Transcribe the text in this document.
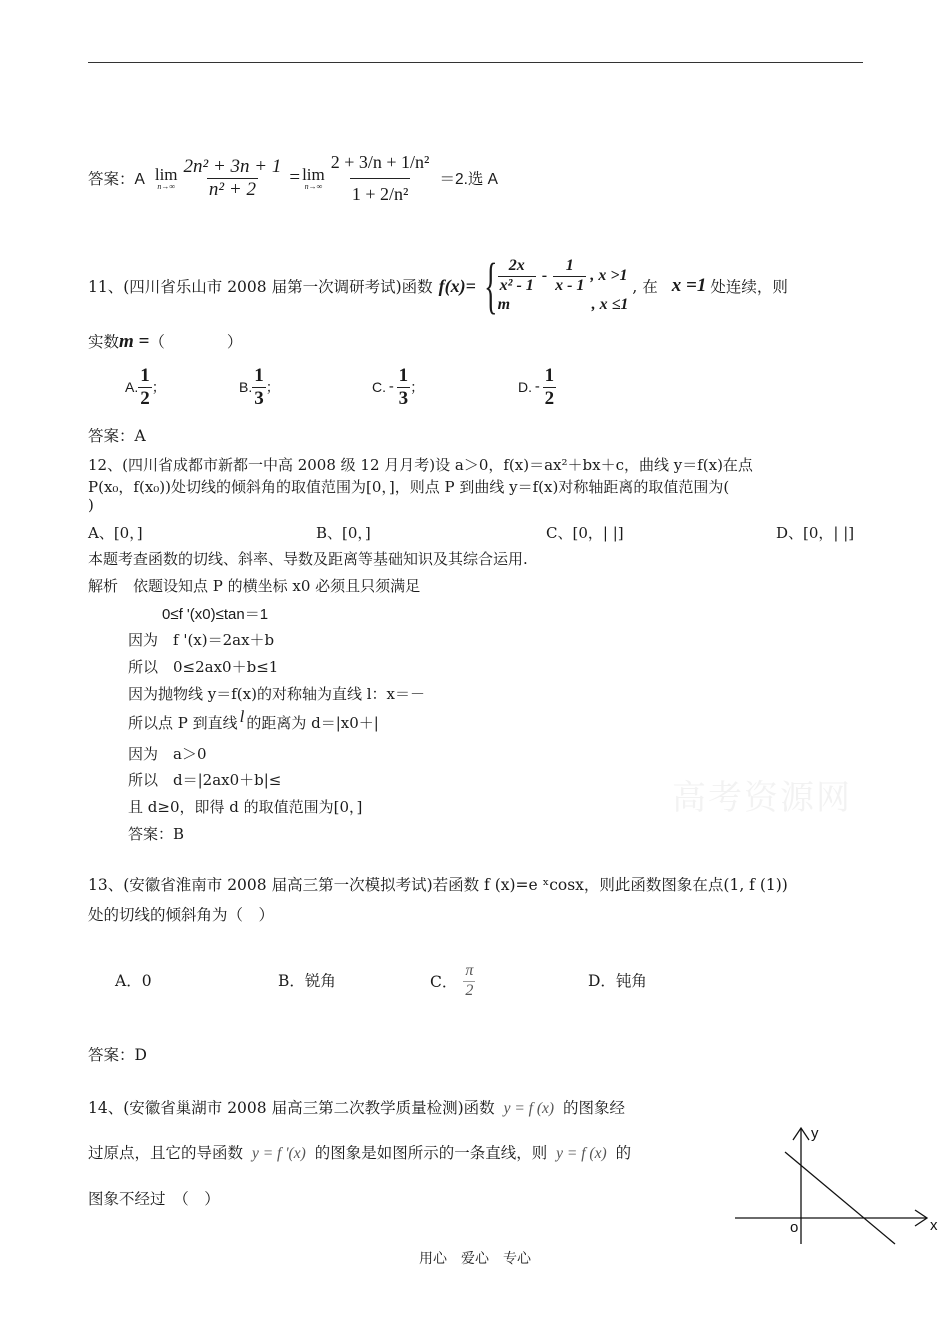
答案：A lim
$n\to\infty \frac{\text{2n² + 3n + 1}}{\text{n² + 2}} = \lim$
$n\to\infty \frac{\text{2 + 3/n + 1/n²}}{\text{1 + 2/n²}} =2$.选 A
11、(四川省乐山市 2008 届第一次调研考试)函数 f(x)= { $\frac{2x}{\text{x² - 1}} - \frac{1}{x - 1}$ , x >1
m	, x ≤1
, 在 x =1 处连续，则
实数m =（　　　　）
A. $\frac{1}{2}$ ；	B. $\frac{1}{3}$ ；	C. - $\frac{1}{3}$ ；	D. - $\frac{1}{2}$
答案：A
12、(四川省成都市新都一中高 2008 级 12 月月考)设 a＞0，f(x)＝ax²＋bx＋c，曲线 y＝f(x)在点
P(x₀，f(x₀))处切线的倾斜角的取值范围为[0，]，则点 P 到曲线 y＝f(x)对称轴距离的取值范围为(
)
A、[0，]	B、[0，]	C、[0，| |]	D、[0，| |]
本题考查函数的切线、斜率、导数及距离等基础知识及其综合运用.
解析　依题设知点 P 的横坐标 x0 必须且只须满足
0≤f '(x0)≤tan＝1
因为　f '(x)＝2ax＋b
所以　0≤2ax0＋b≤1
因为抛物线 y＝f(x)的对称轴为直线 l：x＝－
所以点 P 到直线 l 的距离为 d＝|x0＋|
因为　a＞0
所以　d＝|2ax0＋b|≤
且 d≥0，即得 d 的取值范围为[0，]
答案：B
高考资源网
13、(安徽省淮南市 2008 届高三第一次模拟考试)若函数 f (x)=e ˣcosx，则此函数图象在点(1, f (1))
处的切线的倾斜角为（　）
A．0	B．锐角	C． $\frac{\pi}{2}$	D．钝角
答案：D
14、(安徽省巢湖市 2008 届高三第二次教学质量检测)函数 y = f (x) 的图象经
过原点，且它的导函数 y = f '(x) 的图象是如图所示的一条直线，则 y = f (x) 的
图象不经过　（　）
y
x
o
用心　爱心　专心
